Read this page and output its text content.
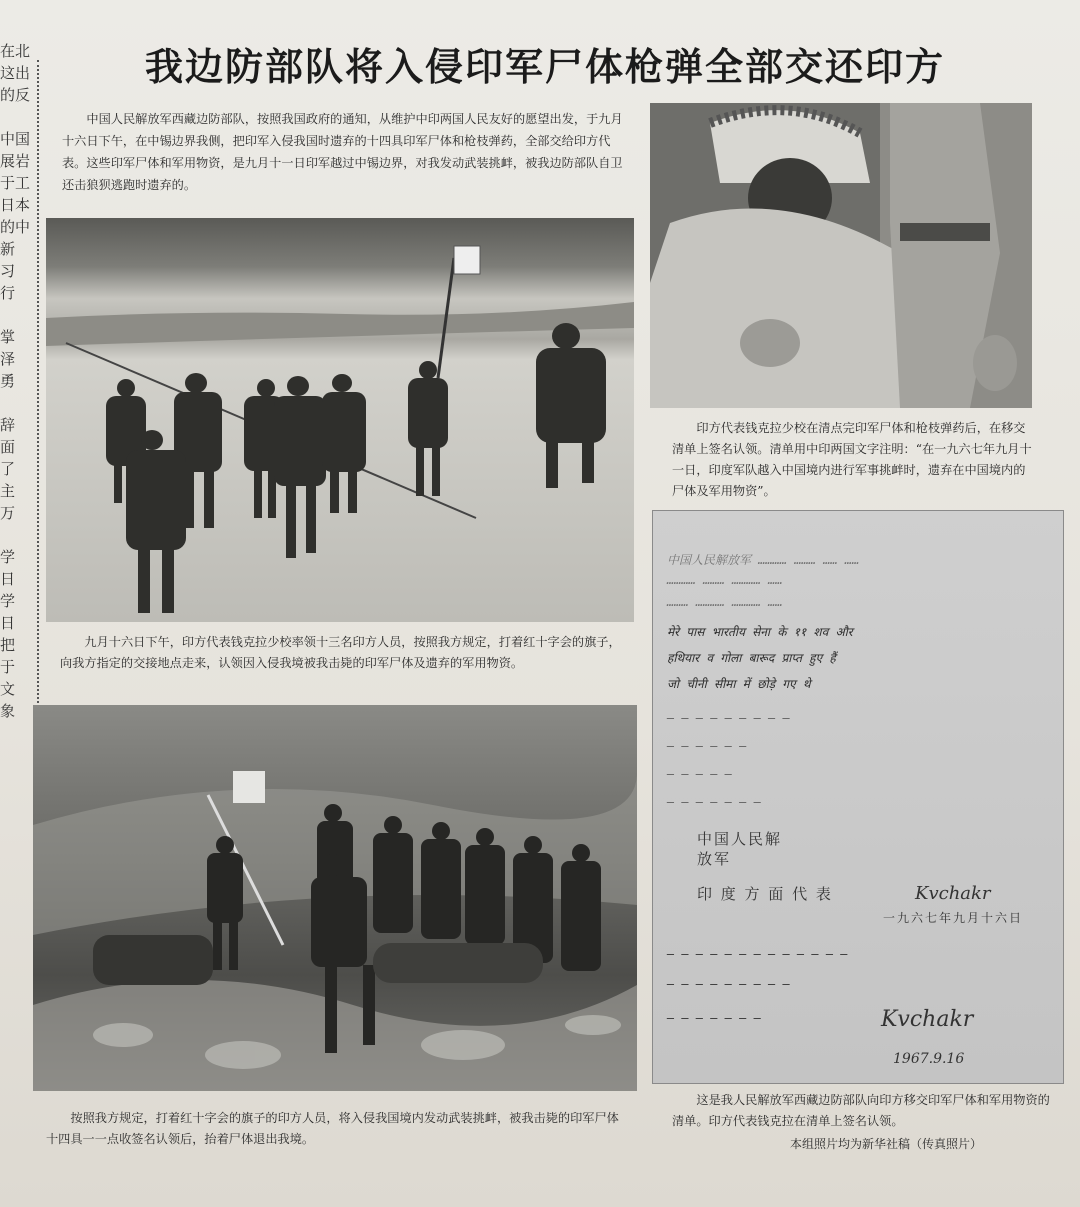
在北
这出
的反

中国
展岩
于工
日本
的中
新
习
行

掌
泽
勇

辞
面
了
主
万

学
日
学
日
把
于
文
象
我边防部队将入侵印军尸体枪弹全部交还印方
中国人民解放军西藏边防部队，按照我国政府的通知，从维护中印两国人民友好的愿望出发，于九月十六日下午，在中锡边界我侧，把印军入侵我国时遗弃的十四具印军尸体和枪枝弹药，全部交给印方代表。这些印军尸体和军用物资，是九月十一日印军越过中锡边界，对我发动武装挑衅，被我边防部队自卫还击狼狈逃跑时遗弃的。

九月十六日下午，印方代表钱克拉少校率领十三名印方人员，按照我方规定，打着红十字会的旗子，向我方指定的交接地点走来，认领因入侵我境被我击毙的印军尸体及遗弃的军用物资。

按照我方规定，打着红十字会的旗子的印方人员，将入侵我国境内发动武装挑衅，被我击毙的印军尸体十四具一一点收签名认领后，抬着尸体退出我境。

印方代表钱克拉少校在清点完印军尸体和枪枝弹药后，在移交清单上签名认领。清单用中印两国文字注明：“在一九六七年九月十一日，印度军队越入中国境内进行军事挑衅时，遗弃在中国境内的尸体及军用物资”。

中国人民解放军 ………… ……… …… ……
………… ……… ………… ……
……… ………… ………… ……
मेरे पास भारतीय सेना के ११ शव और
हथियार व गोला बारूद प्राप्त हुए हैं
जो चीनी सीमा में छोड़े गए थे
— — — — — — — — —
— — — — — —
— — — — —
— — — — — — —
中国人民解放军
印 度 方 面 代 表	Kvchakr
一九六七年九月十六日
— — — — — — — — — — — — —
— — — — — — — — —
— — — — — — —	Kvchakr
1967.9.16

这是我人民解放军西藏边防部队向印方移交印军尸体和军用物资的清单。印方代表钱克拉在清单上签名认领。

本组照片均为新华社稿（传真照片）
